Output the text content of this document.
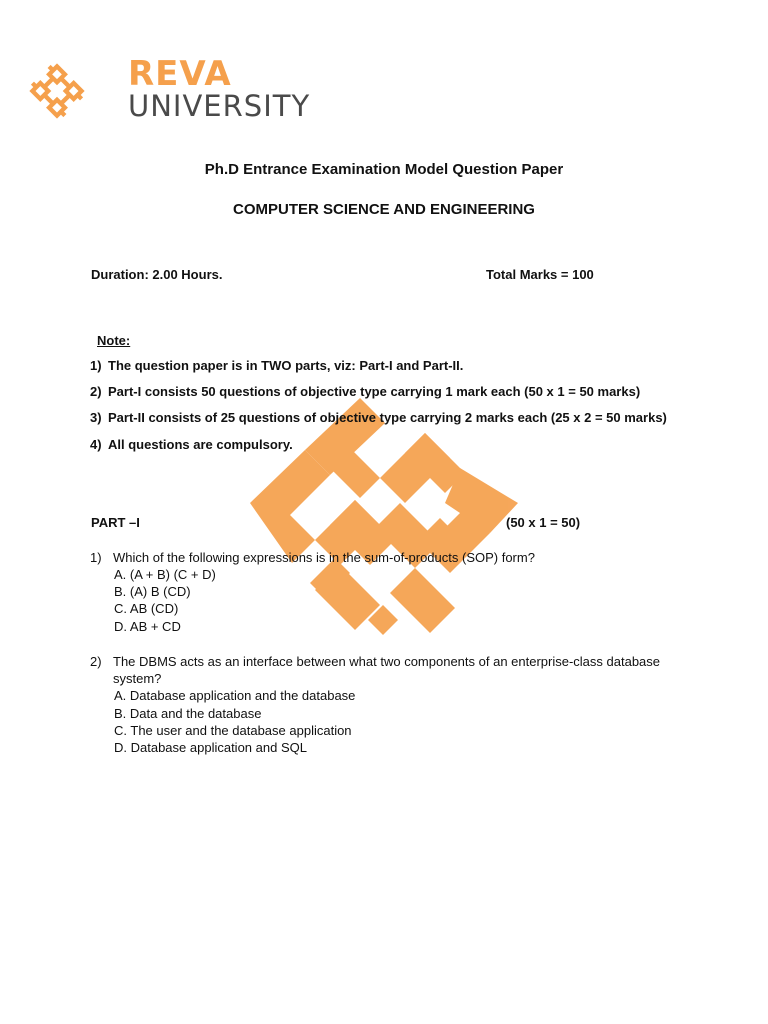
REVA
UNIVERSITY
Ph.D Entrance Examination Model Question Paper
COMPUTER SCIENCE AND ENGINEERING
Duration: 2.00 Hours.	Total Marks = 100
Note:
1) The question paper is in TWO parts, viz: Part-I and Part-II.
2) Part-I consists 50 questions of objective type carrying 1 mark each (50 x 1 = 50 marks)
3) Part-II consists of 25 questions of objective type carrying 2 marks each (25 x 2 = 50 marks)
4) All questions are compulsory.
PART –I	(50 x 1 = 50)
1) Which of the following expressions is in the sum-of-products (SOP) form?
A. (A + B) (C + D)
B. (A) B (CD)
C. AB (CD)
D. AB + CD
2) The DBMS acts as an interface between what two components of an enterprise-class database
system?
A. Database application and the database
B. Data and the database
C. The user and the database application
D. Database application and SQL
